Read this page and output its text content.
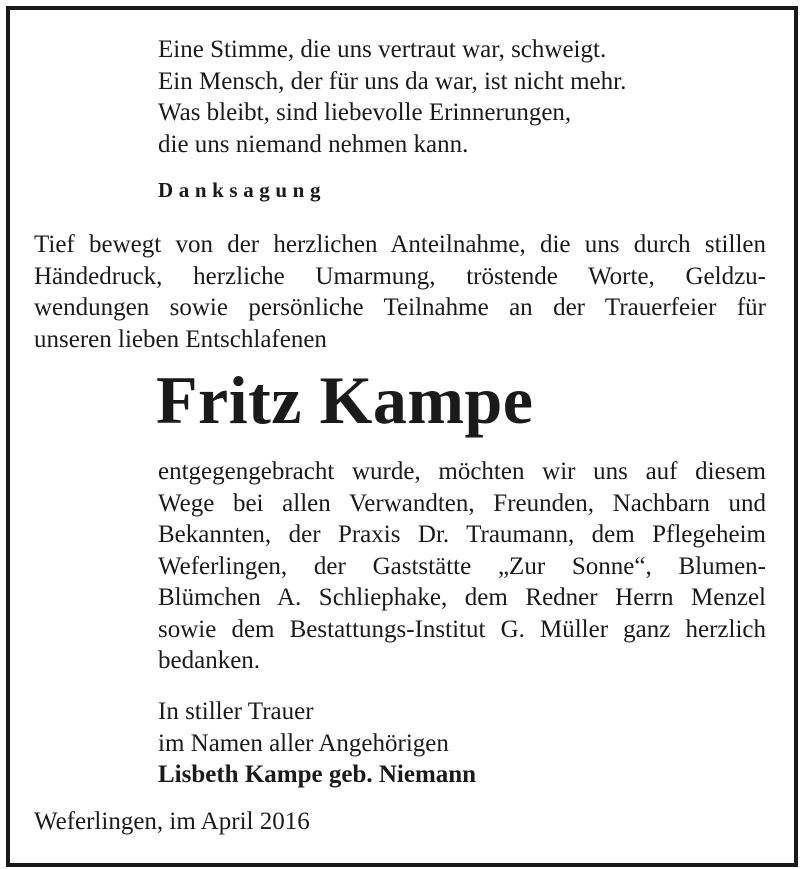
Eine Stimme, die uns vertraut war, schweigt.
Ein Mensch, der für uns da war, ist nicht mehr.
Was bleibt, sind liebevolle Erinnerungen,
die uns niemand nehmen kann.
Danksagung
Tief bewegt von der herzlichen Anteilnahme, die uns durch stillen
Händedruck, herzliche Umarmung, tröstende Worte, Geldzu-
wendungen sowie persönliche Teilnahme an der Trauerfeier für
unseren lieben Entschlafenen
Fritz Kampe
entgegengebracht wurde, möchten wir uns auf diesem
Wege bei allen Verwandten, Freunden, Nachbarn und
Bekannten, der Praxis Dr. Traumann, dem Pflegeheim
Weferlingen, der Gaststätte „Zur Sonne“, Blumen-
Blümchen A. Schliephake, dem Redner Herrn Menzel
sowie dem Bestattungs-Institut G. Müller ganz herzlich
bedanken.
In stiller Trauer
im Namen aller Angehörigen
Lisbeth Kampe geb. Niemann
Weferlingen, im April 2016
